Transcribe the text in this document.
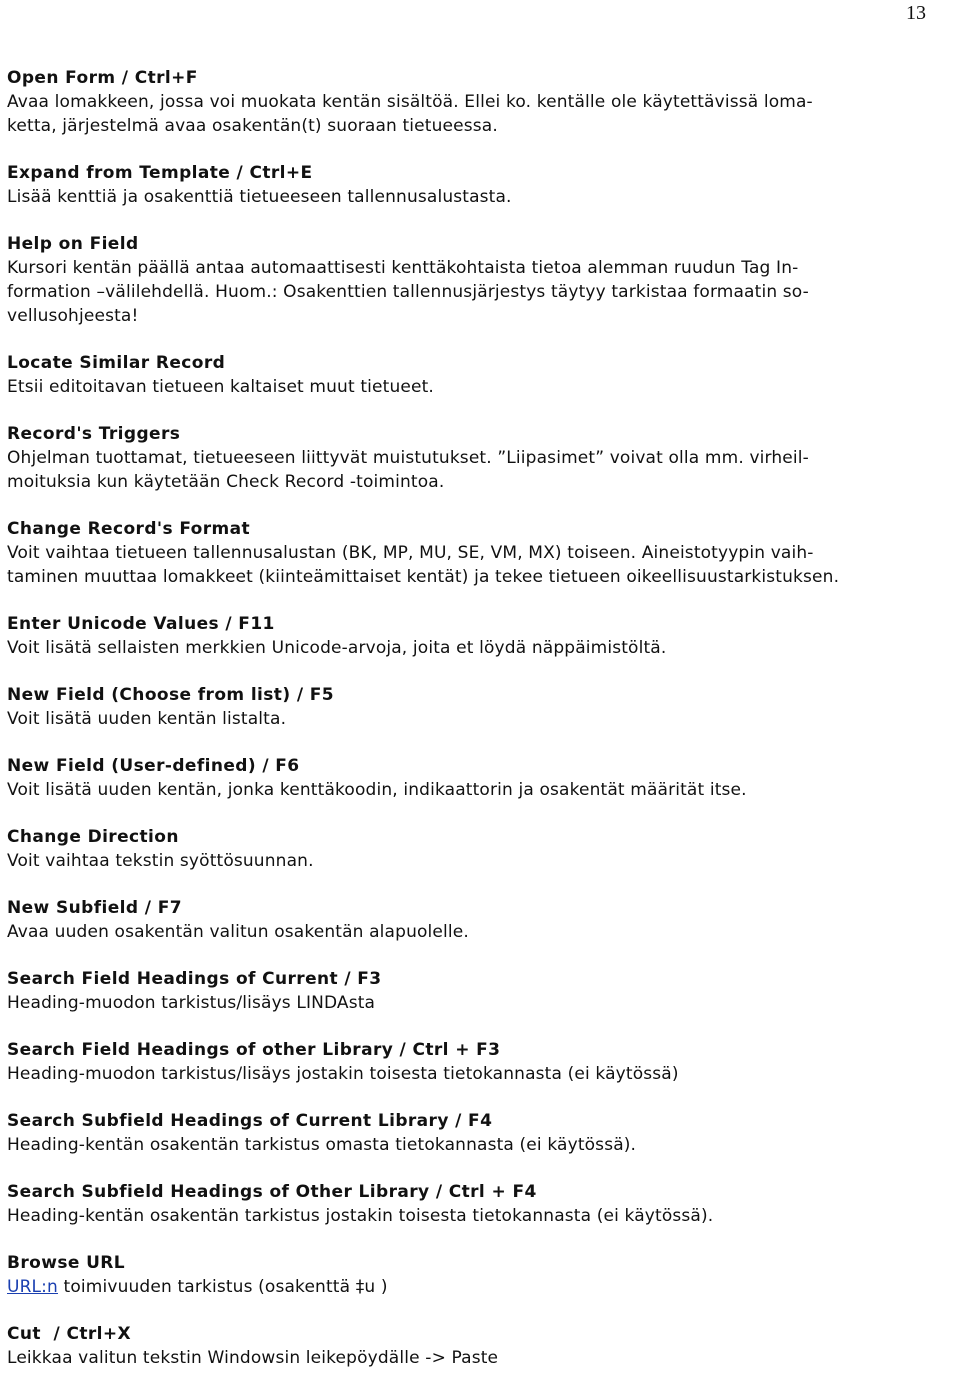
13
Open Form / Ctrl+F

Avaa lomakkeen, jossa voi muokata kentän sisältöä. Ellei ko. kentälle ole käytettävissä loma-

ketta, järjestelmä avaa osakentän(t) suoraan tietueessa.

Expand from Template / Ctrl+E

Lisää kenttiä ja osakenttiä tietueeseen tallennusalustasta.

Help on Field

Kursori kentän päällä antaa automaattisesti kenttäkohtaista tietoa alemman ruudun Tag In-

formation –välilehdellä. Huom.: Osakenttien tallennusjärjestys täytyy tarkistaa formaatin so-

vellusohjeesta!

Locate Similar Record

Etsii editoitavan tietueen kaltaiset muut tietueet.

Record's Triggers

Ohjelman tuottamat, tietueeseen liittyvät muistutukset. ”Liipasimet” voivat olla mm. virheil-

moituksia kun käytetään Check Record -toimintoa.

Change Record's Format

Voit vaihtaa tietueen tallennusalustan (BK, MP, MU, SE, VM, MX) toiseen. Aineistotyypin vaih-

taminen muuttaa lomakkeet (kiinteämittaiset kentät) ja tekee tietueen oikeellisuustarkistuksen.

Enter Unicode Values / F11

Voit lisätä sellaisten merkkien Unicode-arvoja, joita et löydä näppäimistöltä.

New Field (Choose from list) / F5

Voit lisätä uuden kentän listalta.

New Field (User-defined) / F6

Voit lisätä uuden kentän, jonka kenttäkoodin, indikaattorin ja osakentät määrität itse.

Change Direction

Voit vaihtaa tekstin syöttösuunnan.

New Subfield / F7

Avaa uuden osakentän valitun osakentän alapuolelle.

Search Field Headings of Current / F3

Heading-muodon tarkistus/lisäys LINDAsta

Search Field Headings of other Library / Ctrl + F3

Heading-muodon tarkistus/lisäys jostakin toisesta tietokannasta (ei käytössä)

Search Subfield Headings of Current Library / F4

Heading-kentän osakentän tarkistus omasta tietokannasta (ei käytössä).

Search Subfield Headings of Other Library / Ctrl + F4

Heading-kentän osakentän tarkistus jostakin toisesta tietokannasta (ei käytössä).

Browse URL

URL:n toimivuuden tarkistus (osakenttä ‡u )

Cut  / Ctrl+X

Leikkaa valitun tekstin Windowsin leikepöydälle -> Paste
